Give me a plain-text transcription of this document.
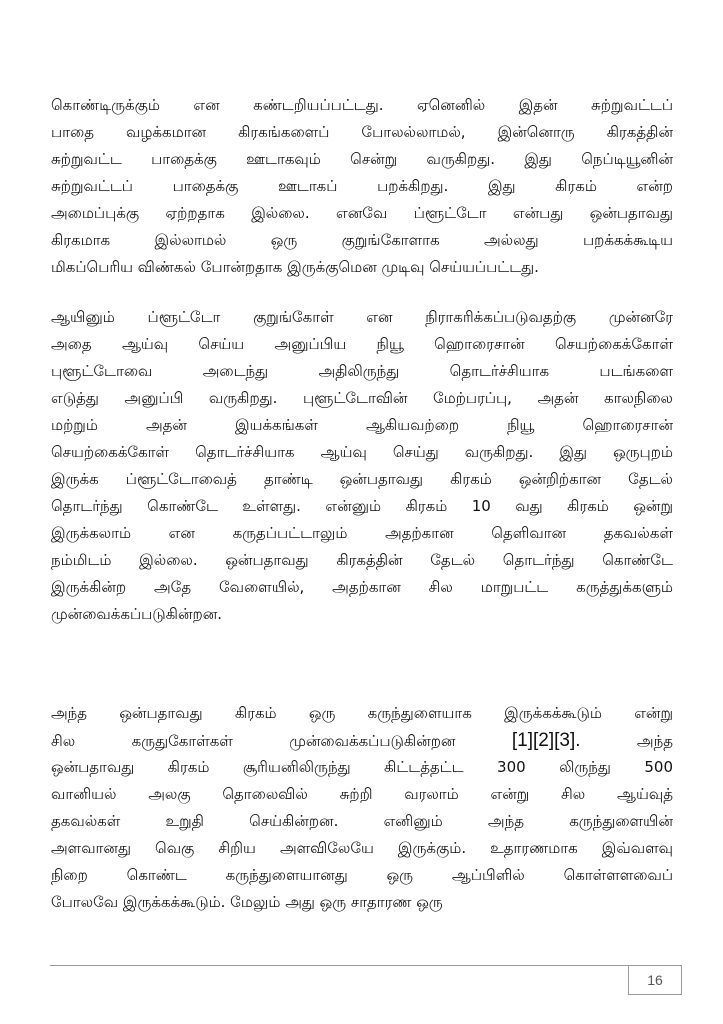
கொண்டிருக்கும் என கண்டறியப்பட்டது. ஏனெனில் இதன் சுற்றுவட்டப்
பாதை வழக்கமான கிரகங்களைப் போலல்லாமல், இன்னொரு கிரகத்தின்
சுற்றுவட்ட பாதைக்கு ஊடாகவும் சென்று வருகிறது. இது நெப்டியூனின்
சுற்றுவட்டப் பாதைக்கு ஊடாகப் பறக்கிறது. இது கிரகம் என்ற
அமைப்புக்கு ஏற்றதாக இல்லை. எனவே ப்ளூட்டோ என்பது ஒன்பதாவது
கிரகமாக இல்லாமல் ஒரு குறுங்கோளாக அல்லது பறக்கக்கூடிய
மிகப்பெரிய விண்கல் போன்றதாக இருக்குமென முடிவு செய்யப்பட்டது.
ஆயினும் ப்ளூட்டோ குறுங்கோள் என நிராகரிக்கப்படுவதற்கு முன்னரே
அதை ஆய்வு செய்ய அனுப்பிய நியூ ஹொரைசான் செயற்கைக்கோள்
புளூட்டோவை அடைந்து அதிலிருந்து தொடர்ச்சியாக படங்களை
எடுத்து அனுப்பி வருகிறது. புளூட்டோவின் மேற்பரப்பு, அதன் காலநிலை
மற்றும் அதன் இயக்கங்கள் ஆகியவற்றை நியூ ஹொரைசான்
செயற்கைக்கோள் தொடர்ச்சியாக ஆய்வு செய்து வருகிறது. இது ஒருபுறம்
இருக்க ப்ளூட்டோவைத் தாண்டி ஒன்பதாவது கிரகம் ஒன்றிற்கான தேடல்
தொடர்ந்து கொண்டே உள்ளது. என்னும் கிரகம் 10 வது கிரகம் ஒன்று
இருக்கலாம் என கருதப்பட்டாலும் அதற்கான தெளிவான தகவல்கள்
நம்மிடம் இல்லை. ஒன்பதாவது கிரகத்தின் தேடல் தொடர்ந்து கொண்டே
இருக்கின்ற அதே வேளையில், அதற்கான சில மாறுபட்ட கருத்துக்களும்
முன்வைக்கப்படுகின்றன.
அந்த ஒன்பதாவது கிரகம் ஒரு கருந்துளையாக இருக்கக்கூடும் என்று
சில கருதுகோள்கள் முன்வைக்கப்படுகின்றன	[1][2][3].	அந்த
ஒன்பதாவது கிரகம் சூரியனிலிருந்து கிட்டத்தட்ட 300 லிருந்து 500
வானியல் அலகு தொலைவில் சுற்றி வரலாம் என்று சில ஆய்வுத்
தகவல்கள் உறுதி செய்கின்றன. எனினும் அந்த கருந்துளையின்
அளவானது வெகு சிறிய அளவிலேயே இருக்கும். உதாரணமாக இவ்வளவு
நிறை கொண்ட கருந்துளையானது ஒரு ஆப்பிளில் கொள்ளளவைப்
போலவே இருக்கக்கூடும். மேலும் அது ஒரு சாதாரண ஒரு
16
